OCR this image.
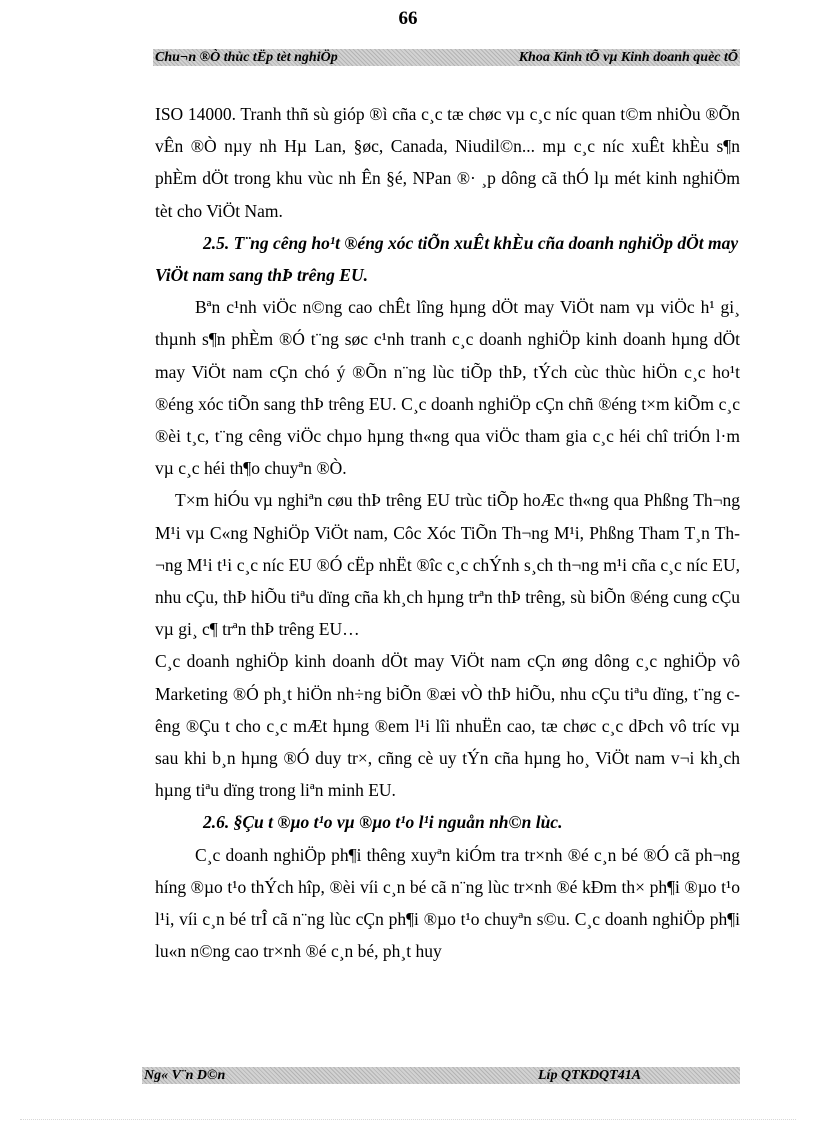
66
Chu¬n ®Ò thùc tËp tèt nghiÖp	Khoa Kinh tÕ vµ Kinh doanh quèc tÕ

ISO 14000. Tranh thñ sù gióp ®ì cña c¸c tæ chøc vµ c¸c níc quan t©m nhiÒu ®Õn vÊn ®Ò nµy nh Hµ Lan, §øc, Canada, Niudil©n... mµ c¸c níc xuÊt khÈu s¶n phÈm dÖt trong khu vùc nh Ên §é, NPan ®· ¸p dông cã thÓ lµ mét kinh nghiÖm tèt cho ViÖt Nam.

2.5. T¨ng cêng ho¹t ®éng xóc tiÕn xuÊt khÈu cña doanh nghiÖp dÖt may ViÖt nam sang thÞ trêng EU.

Bªn c¹nh viÖc n©ng cao chÊt lîng hµng dÖt may ViÖt nam vµ viÖc h¹ gi¸ thµnh s¶n phÈm ®Ó t¨ng søc c¹nh tranh c¸c doanh nghiÖp kinh doanh hµng dÖt may ViÖt nam cÇn chó ý ®Õn n¨ng lùc tiÕp thÞ, tÝch cùc thùc hiÖn c¸c ho¹t ®éng xóc tiÕn sang thÞ trêng EU. C¸c doanh nghiÖp cÇn chñ ®éng t×m kiÕm c¸c ®èi t¸c, t¨ng cêng viÖc chµo hµng th«ng qua viÖc tham gia c¸c héi chî triÓn l·m vµ c¸c héi th¶o chuyªn ®Ò.

T×m hiÓu vµ nghiªn cøu thÞ trêng EU trùc tiÕp hoÆc th«ng qua Phßng Th¬ng M¹i vµ C«ng NghiÖp ViÖt nam, Côc Xóc TiÕn Th¬ng M¹i, Phßng Tham T¸n Th¬ng M¹i t¹i c¸c níc EU ®Ó cËp nhËt ®îc c¸c chÝnh s¸ch th¬ng m¹i cña c¸c níc EU, nhu cÇu, thÞ hiÕu tiªu dïng cña kh¸ch hµng trªn thÞ trêng, sù biÕn ®éng cung cÇu vµ gi¸ c¶ trªn thÞ trêng EU…

C¸c doanh nghiÖp kinh doanh dÖt may ViÖt nam cÇn øng dông c¸c nghiÖp vô Marketing ®Ó ph¸t hiÖn nh÷ng biÕn ®æi vÒ thÞ hiÕu, nhu cÇu tiªu dïng, t¨ng cêng ®Çu t cho c¸c mÆt hµng ®em l¹i lîi nhuËn cao, tæ chøc c¸c dÞch vô tríc vµ sau khi b¸n hµng ®Ó duy tr×, cñng cè uy tÝn cña hµng ho¸ ViÖt nam v¬i kh¸ch hµng tiªu dïng trong liªn minh EU.

2.6. §Çu t ®µo t¹o vµ ®µo t¹o l¹i nguån nh©n lùc.

C¸c doanh nghiÖp ph¶i thêng xuyªn kiÓm tra tr×nh ®é c¸n bé ®Ó cã ph¬ng híng ®µo t¹o thÝch hîp, ®èi víi c¸n bé cã n¨ng lùc tr×nh ®é kÐm th× ph¶i ®µo t¹o l¹i, víi c¸n bé trÎ cã n¨ng lùc cÇn ph¶i ®µo t¹o chuyªn s©u. C¸c doanh nghiÖp ph¶i lu«n n©ng cao tr×nh ®é c¸n bé, ph¸t huy

Ng« V¨n D©n	Líp QTKDQT41A
